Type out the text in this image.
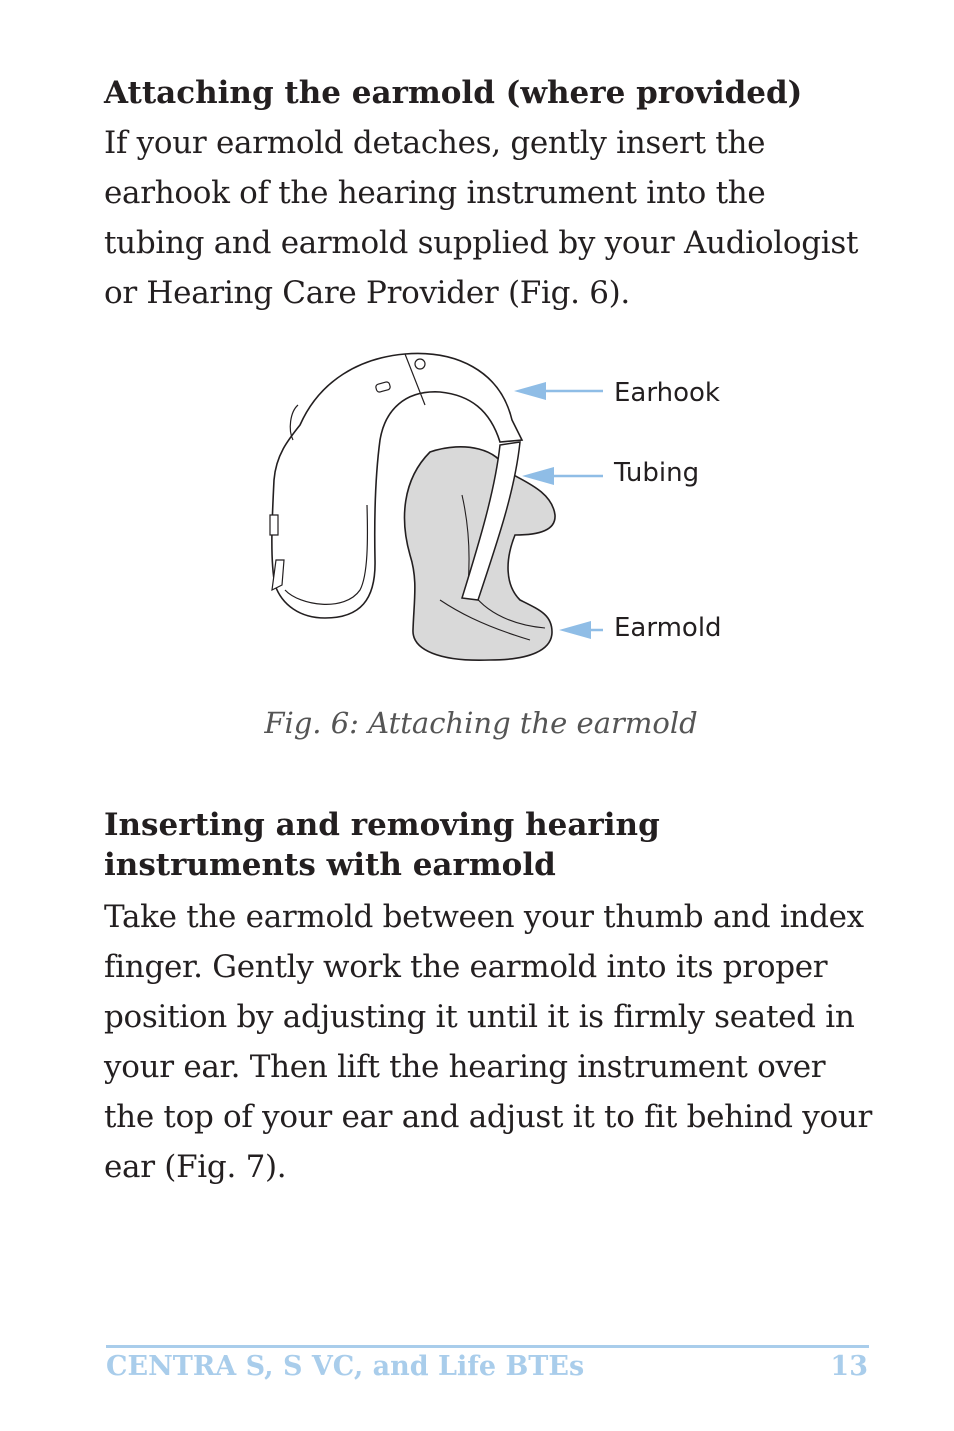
Attaching the earmold (where provided)

If your earmold detaches, gently insert the earhook of the hearing instrument into the tubing and earmold supplied by your Audiologist or Hearing Care Provider (Fig. 6).

Earhook
Tubing
Earmold
Fig. 6: Attaching the earmold
Inserting and removing hearing instruments with earmold

Take the earmold between your thumb and index finger. Gently work the earmold into its proper position by adjusting it until it is firmly seated in your ear. Then lift the hearing instrument over the top of your ear and adjust it to fit behind your ear (Fig. 7).

CENTRA S, S VC, and Life BTEs	13
